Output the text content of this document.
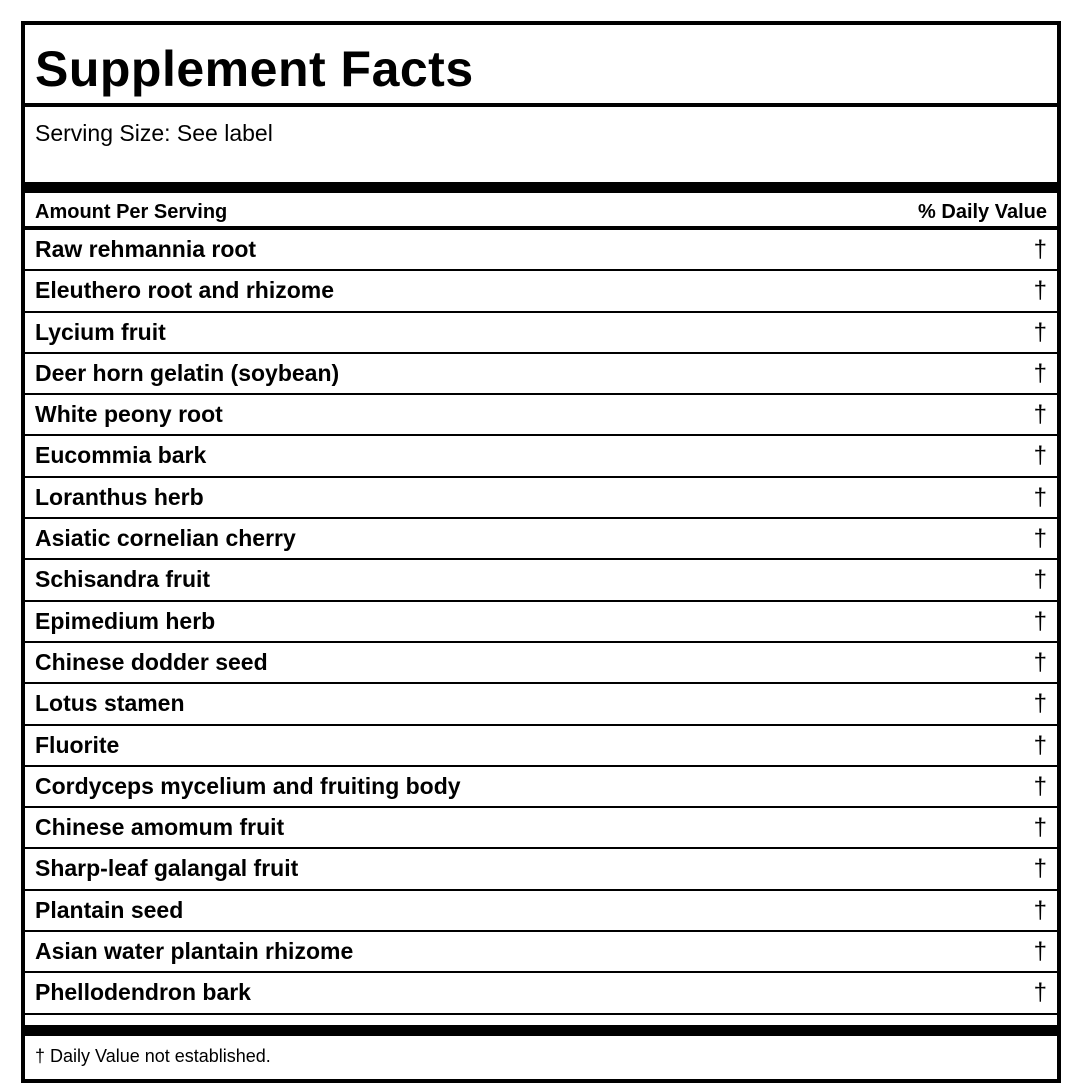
Supplement Facts
Serving Size: See label
Amount Per Serving	% Daily Value
Raw rehmannia root	†
Eleuthero root and rhizome	†
Lycium fruit	†
Deer horn gelatin (soybean)	†
White peony root	†
Eucommia bark	†
Loranthus herb	†
Asiatic cornelian cherry	†
Schisandra fruit	†
Epimedium herb	†
Chinese dodder seed	†
Lotus stamen	†
Fluorite	†
Cordyceps mycelium and fruiting body	†
Chinese amomum fruit	†
Sharp-leaf galangal fruit	†
Plantain seed	†
Asian water plantain rhizome	†
Phellodendron bark	†
† Daily Value not established.
